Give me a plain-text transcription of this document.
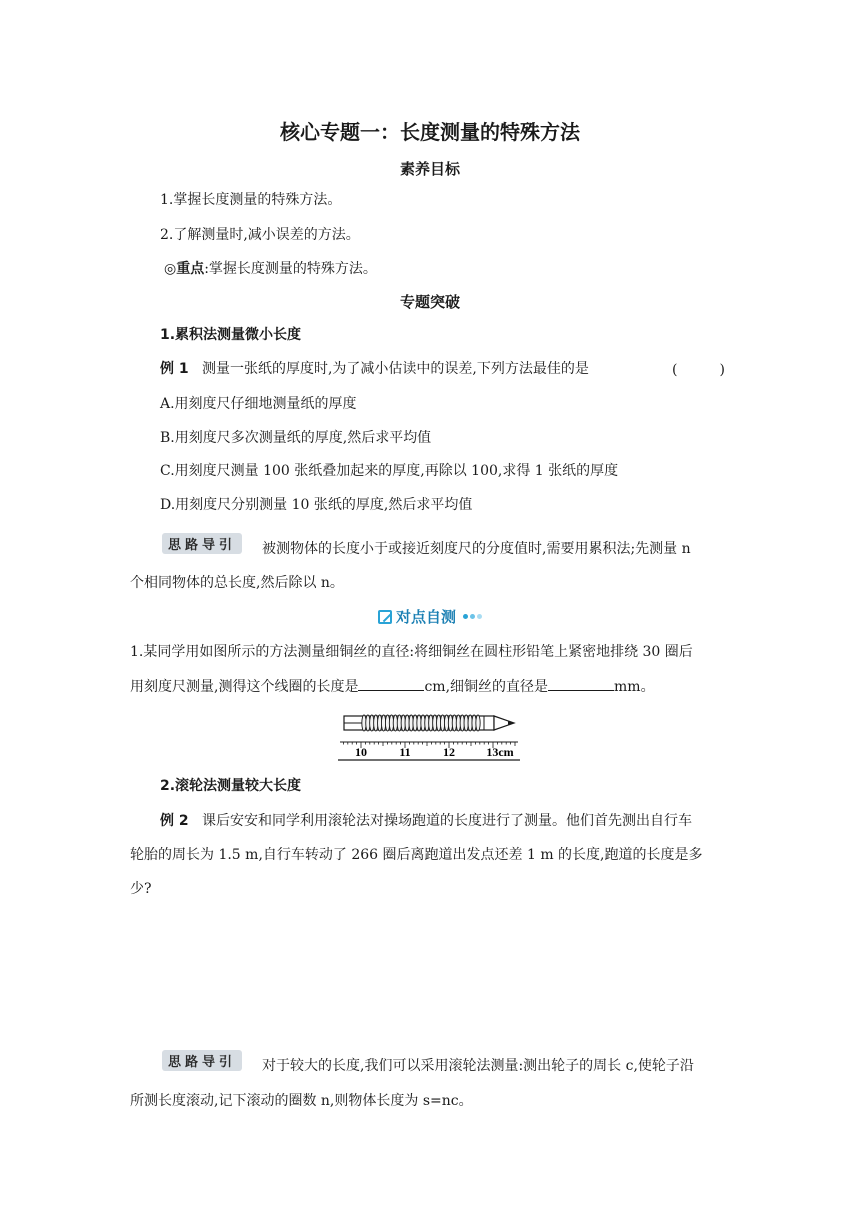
核心专题一：长度测量的特殊方法
素养目标
1.掌握长度测量的特殊方法。
2.了解测量时,减小误差的方法。
◎重点:掌握长度测量的特殊方法。
专题突破
1.累积法测量微小长度
例 1 测量一张纸的厚度时,为了减小估读中的误差,下列方法最佳的是	(　　　)
A.用刻度尺仔细地测量纸的厚度
B.用刻度尺多次测量纸的厚度,然后求平均值
C.用刻度尺测量 100 张纸叠加起来的厚度,再除以 100,求得 1 张纸的厚度
D.用刻度尺分别测量 10 张纸的厚度,然后求平均值
思路导引	被测物体的长度小于或接近刻度尺的分度值时,需要用累积法;先测量 n
个相同物体的总长度,然后除以 n。
对点自测
1.某同学用如图所示的方法测量细铜丝的直径:将细铜丝在圆柱形铅笔上紧密地排绕 30 圈后
用刻度尺测量,测得这个线圈的长度是	cm,细铜丝的直径是	mm。
10	11	12	13cm
2.滚轮法测量较大长度
例 2 课后安安和同学利用滚轮法对操场跑道的长度进行了测量。他们首先测出自行车
轮胎的周长为 1.5 m,自行车转动了 266 圈后离跑道出发点还差 1 m 的长度,跑道的长度是多
少?
思路导引	对于较大的长度,我们可以采用滚轮法测量:测出轮子的周长 c,使轮子沿
所测长度滚动,记下滚动的圈数 n,则物体长度为 s=nc。
